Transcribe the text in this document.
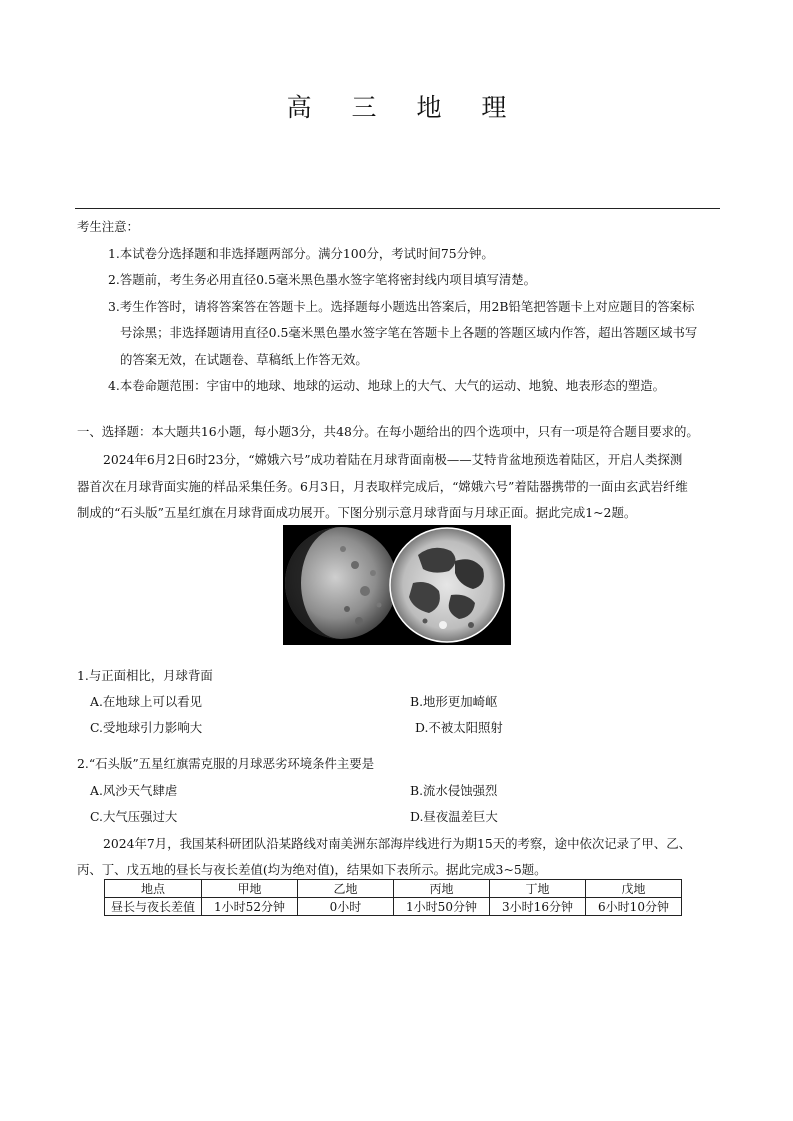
高 三 地 理
考生注意：
1.本试卷分选择题和非选择题两部分。满分100分，考试时间75分钟。
2.答题前，考生务必用直径0.5毫米黑色墨水签字笔将密封线内项目填写清楚。
3.考生作答时，请将答案答在答题卡上。选择题每小题选出答案后，用2B铅笔把答题卡上对应题目的答案标
号涂黑；非选择题请用直径0.5毫米黑色墨水签字笔在答题卡上各题的答题区域内作答，超出答题区域书写
的答案无效，在试题卷、草稿纸上作答无效。
4.本卷命题范围：宇宙中的地球、地球的运动、地球上的大气、大气的运动、地貌、地表形态的塑造。
一、选择题：本大题共16小题，每小题3分，共48分。在每小题给出的四个选项中，只有一项是符合题目要求的。
2024年6月2日6时23分，“嫦娥六号”成功着陆在月球背面南极——艾特肯盆地预选着陆区，开启人类探测
器首次在月球背面实施的样品采集任务。6月3日，月表取样完成后，“嫦娥六号”着陆器携带的一面由玄武岩纤维
制成的“石头版”五星红旗在月球背面成功展开。下图分别示意月球背面与月球正面。据此完成1~2题。
1.与正面相比，月球背面
A.在地球上可以看见	B.地形更加崎岖
C.受地球引力影响大	D.不被太阳照射
2.“石头版”五星红旗需克服的月球恶劣环境条件主要是
A.风沙天气肆虐	B.流水侵蚀强烈
C.大气压强过大	D.昼夜温差巨大
2024年7月，我国某科研团队沿某路线对南美洲东部海岸线进行为期15天的考察，途中依次记录了甲、乙、
丙、丁、戊五地的昼长与夜长差值(均为绝对值)，结果如下表所示。据此完成3~5题。
地点	甲地	乙地	丙地	丁地	戊地
昼长与夜长差值	1小时52分钟	0小时	1小时50分钟	3小时16分钟	6小时10分钟
